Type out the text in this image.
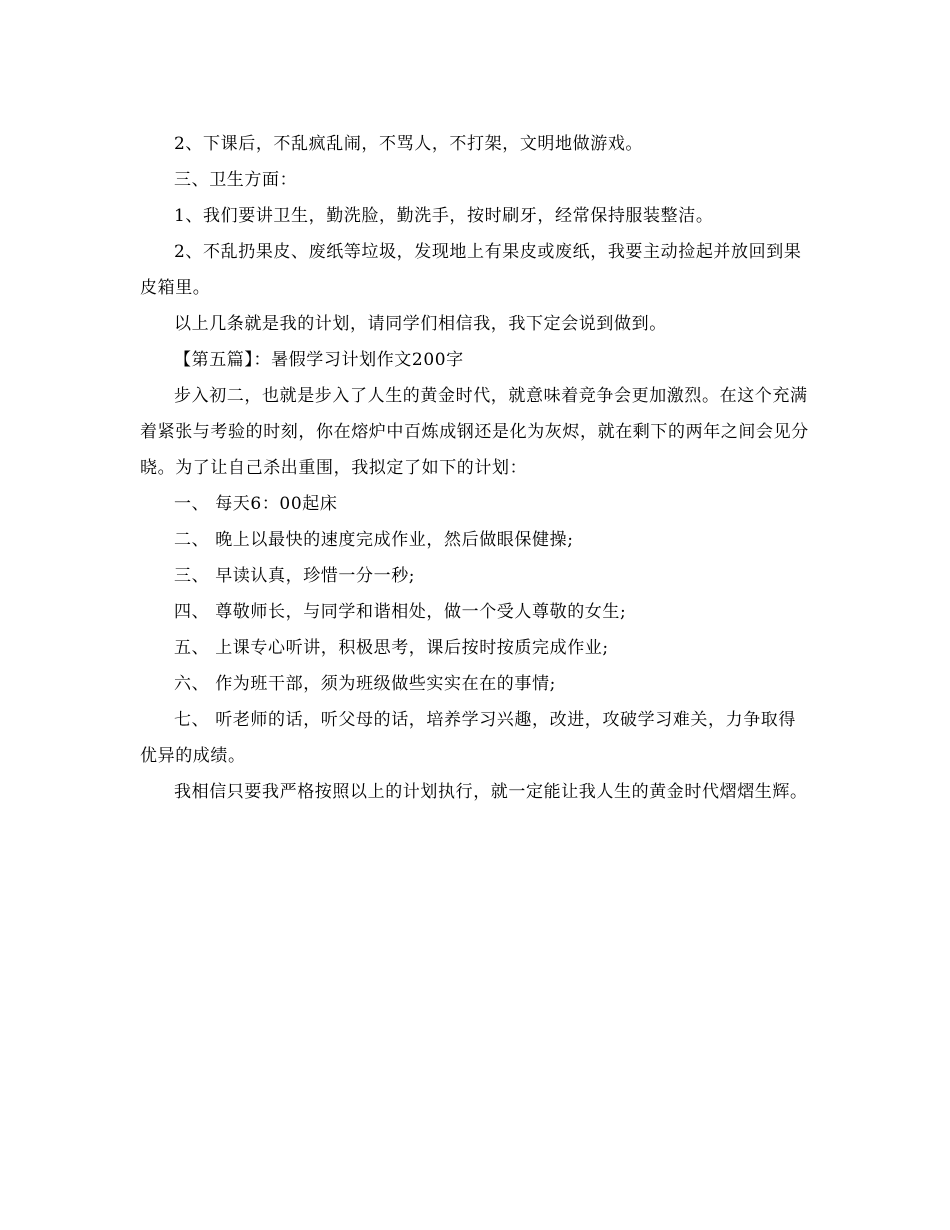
2、下课后，不乱疯乱闹，不骂人，不打架，文明地做游戏。

三、卫生方面：

1、我们要讲卫生，勤洗脸，勤洗手，按时刷牙，经常保持服装整洁。

2、不乱扔果皮、废纸等垃圾，发现地上有果皮或废纸，我要主动捡起并放回到果皮箱里。

以上几条就是我的计划，请同学们相信我，我下定会说到做到。

【第五篇】：暑假学习计划作文200字

步入初二，也就是步入了人生的黄金时代，就意味着竞争会更加激烈。在这个充满着紧张与考验的时刻，你在熔炉中百炼成钢还是化为灰烬，就在剩下的两年之间会见分晓。为了让自己杀出重围，我拟定了如下的计划：

一、 每天6：00起床

二、 晚上以最快的速度完成作业，然后做眼保健操;

三、 早读认真，珍惜一分一秒;

四、 尊敬师长，与同学和谐相处，做一个受人尊敬的女生;

五、 上课专心听讲，积极思考，课后按时按质完成作业;

六、 作为班干部，须为班级做些实实在在的事情;

七、 听老师的话，听父母的话，培养学习兴趣，改进，攻破学习难关，力争取得优异的成绩。

我相信只要我严格按照以上的计划执行，就一定能让我人生的黄金时代熠熠生辉。
